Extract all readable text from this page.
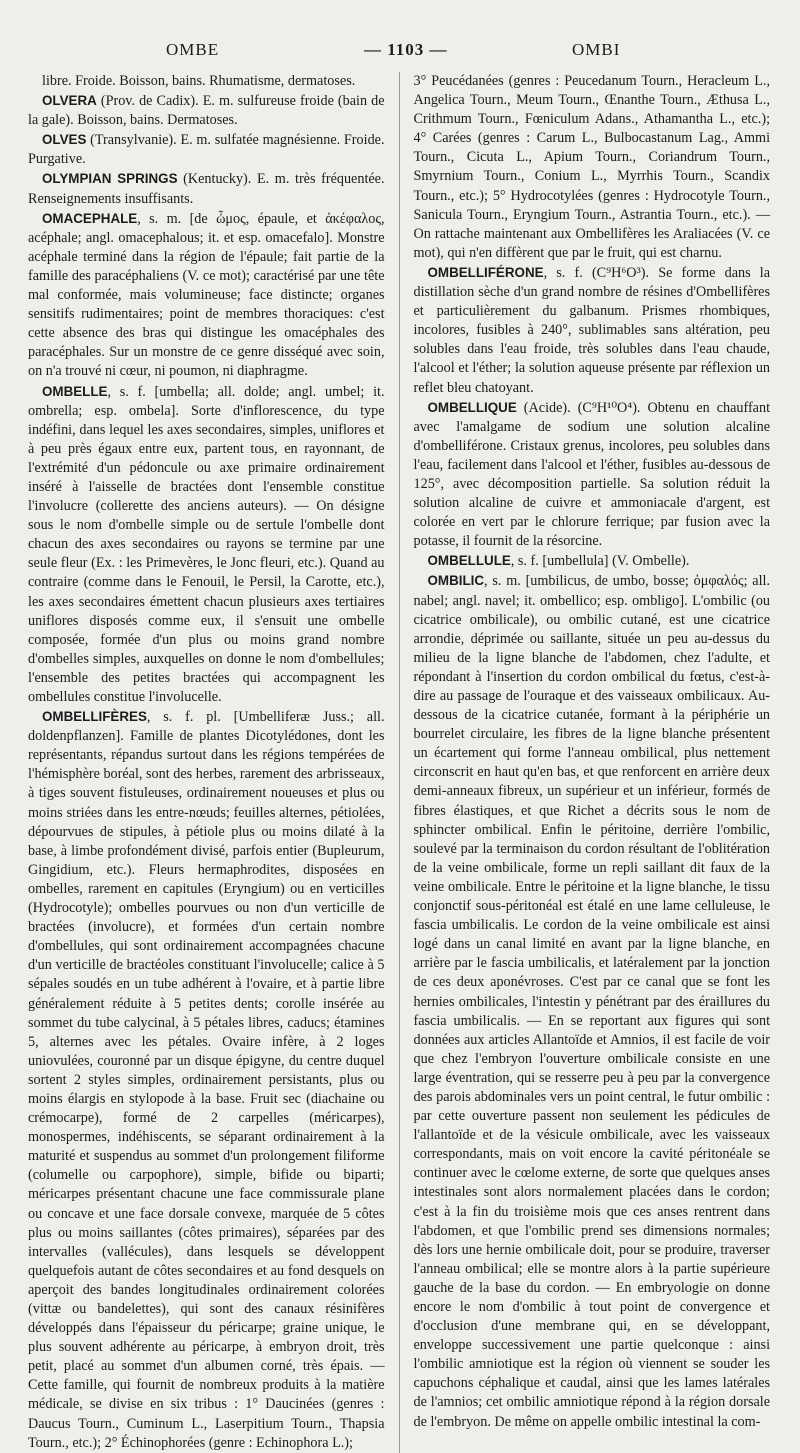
OMBE	— 1103 —	OMBI

libre. Froide. Boisson, bains. Rhumatisme, dermatoses.

OLVERA (Prov. de Cadix). E. m. sulfureuse froide (bain de la gale). Boisson, bains. Dermatoses.

OLVES (Transylvanie). E. m. sulfatée magnésienne. Froide. Purgative.

OLYMPIAN SPRINGS (Kentucky). E. m. très fréquentée. Renseignements insuffisants.

OMACEPHALE, s. m. [de ὦμος, épaule, et ἀκέφαλος, acéphale; angl. omacephalous; it. et esp. omacefalo]. Monstre acéphale terminé dans la région de l'épaule; fait partie de la famille des paracéphaliens (V. ce mot); caractérisé par une tête mal conformée, mais volumineuse; face distincte; organes sensitifs rudimentaires; point de membres thoraciques: c'est cette absence des bras qui distingue les omacéphales des paracéphales. Sur un monstre de ce genre disséqué avec soin, on n'a trouvé ni cœur, ni poumon, ni diaphragme.

OMBELLE, s. f. [umbella; all. dolde; angl. umbel; it. ombrella; esp. ombela]. Sorte d'inflorescence, du type indéfini, dans lequel les axes secondaires, simples, uniflores et à peu près égaux entre eux, partent tous, en rayonnant, de l'extrémité d'un pédoncule ou axe primaire ordinairement inséré à l'aisselle de bractées dont l'ensemble constitue l'involucre (collerette des anciens auteurs). — On désigne sous le nom d'ombelle simple ou de sertule l'ombelle dont chacun des axes secondaires ou rayons se termine par une seule fleur (Ex. : les Primevères, le Jonc fleuri, etc.). Quand au contraire (comme dans le Fenouil, le Persil, la Carotte, etc.), les axes secondaires émettent chacun plusieurs axes tertiaires uniflores disposés comme eux, il s'ensuit une ombelle composée, formée d'un plus ou moins grand nombre d'ombelles simples, auxquelles on donne le nom d'ombellules; l'ensemble des petites bractées qui accompagnent les ombellules constitue l'involucelle.

OMBELLIFÈRES, s. f. pl. [Umbelliferæ Juss.; all. doldenpflanzen]. Famille de plantes Dicotylédones, dont les représentants, répandus surtout dans les régions tempérées de l'hémisphère boréal, sont des herbes, rarement des arbrisseaux, à tiges souvent fistuleuses, ordinairement noueuses et plus ou moins striées dans les entre-nœuds; feuilles alternes, pétiolées, dépourvues de stipules, à pétiole plus ou moins dilaté à la base, à limbe profondément divisé, parfois entier (Bupleurum, Gingidium, etc.). Fleurs hermaphrodites, disposées en ombelles, rarement en capitules (Eryngium) ou en verticilles (Hydrocotyle); ombelles pourvues ou non d'un verticille de bractées (involucre), et formées d'un certain nombre d'ombellules, qui sont ordinairement accompagnées chacune d'un verticille de bractéoles constituant l'involucelle; calice à 5 sépales soudés en un tube adhérent à l'ovaire, et à partie libre généralement réduite à 5 petites dents; corolle insérée au sommet du tube calycinal, à 5 pétales libres, caducs; étamines 5, alternes avec les pétales. Ovaire infère, à 2 loges uniovulées, couronné par un disque épigyne, du centre duquel sortent 2 styles simples, ordinairement persistants, plus ou moins élargis en stylopode à la base. Fruit sec (diachaine ou crémocarpe), formé de 2 carpelles (méricarpes), monospermes, indéhiscents, se séparant ordinairement à la maturité et suspendus au sommet d'un prolongement filiforme (columelle ou carpophore), simple, bifide ou biparti; méricarpes présentant chacune une face commissurale plane ou concave et une face dorsale convexe, marquée de 5 côtes plus ou moins saillantes (côtes primaires), séparées par des intervalles (vallécules), dans lesquels se développent quelquefois autant de côtes secondaires et au fond desquels on aperçoit des bandes longitudinales ordinairement colorées (vittæ ou bandelettes), qui sont des canaux résinifères développés dans l'épaisseur du péricarpe; graine unique, le plus souvent adhérente au péricarpe, à embryon droit, très petit, placé au sommet d'un albumen corné, très épais. — Cette famille, qui fournit de nombreux produits à la matière médicale, se divise en six tribus : 1° Daucinées (genres : Daucus Tourn., Cuminum L., Laserpitium Tourn., Thapsia Tourn., etc.); 2° Échinophorées (genre : Echinophora L.);

3° Peucédanées (genres : Peucedanum Tourn., Heracleum L., Angelica Tourn., Meum Tourn., Œnanthe Tourn., Æthusa L., Crithmum Tourn., Fœniculum Adans., Athamantha L., etc.); 4° Carées (genres : Carum L., Bulbocastanum Lag., Ammi Tourn., Cicuta L., Apium Tourn., Coriandrum Tourn., Smyrnium Tourn., Conium L., Myrrhis Tourn., Scandix Tourn., etc.); 5° Hydrocotylées (genres : Hydrocotyle Tourn., Sanicula Tourn., Eryngium Tourn., Astrantia Tourn., etc.). — On rattache maintenant aux Ombellifères les Araliacées (V. ce mot), qui n'en diffèrent que par le fruit, qui est charnu.

OMBELLIFÉRONE, s. f. (C⁹H⁶O³). Se forme dans la distillation sèche d'un grand nombre de résines d'Ombellifères et particulièrement du galbanum. Prismes rhombiques, incolores, fusibles à 240°, sublimables sans altération, peu solubles dans l'eau froide, très solubles dans l'eau chaude, l'alcool et l'éther; la solution aqueuse présente par réflexion un reflet bleu chatoyant.

OMBELLIQUE (Acide). (C⁹H¹⁰O⁴). Obtenu en chauffant avec l'amalgame de sodium une solution alcaline d'ombelliférone. Cristaux grenus, incolores, peu solubles dans l'eau, facilement dans l'alcool et l'éther, fusibles au-dessous de 125°, avec décomposition partielle. Sa solution réduit la solution alcaline de cuivre et ammoniacale d'argent, est colorée en vert par le chlorure ferrique; par fusion avec la potasse, il fournit de la résorcine.

OMBELLULE, s. f. [umbellula] (V. Ombelle).

OMBILIC, s. m. [umbilicus, de umbo, bosse; ὀμφαλός; all. nabel; angl. navel; it. ombellico; esp. ombligo]. L'ombilic (ou cicatrice ombilicale), ou ombilic cutané, est une cicatrice arrondie, déprimée ou saillante, située un peu au-dessus du milieu de la ligne blanche de l'abdomen, chez l'adulte, et répondant à l'insertion du cordon ombilical du fœtus, c'est-à-dire au passage de l'ouraque et des vaisseaux ombilicaux. Au-dessous de la cicatrice cutanée, formant à la périphérie un bourrelet circulaire, les fibres de la ligne blanche présentent un écartement qui forme l'anneau ombilical, plus nettement circonscrit en haut qu'en bas, et que renforcent en arrière deux demi-anneaux fibreux, un supérieur et un inférieur, formés de fibres élastiques, et que Richet a décrits sous le nom de sphincter ombilical. Enfin le péritoine, derrière l'ombilic, soulevé par la terminaison du cordon résultant de l'oblitération de la veine ombilicale, forme un repli saillant dit faux de la veine ombilicale. Entre le péritoine et la ligne blanche, le tissu conjonctif sous-péritonéal est étalé en une lame celluleuse, le fascia umbilicalis. Le cordon de la veine ombilicale est ainsi logé dans un canal limité en avant par la ligne blanche, en arrière par le fascia umbilicalis, et latéralement par la jonction de ces deux aponévroses. C'est par ce canal que se font les hernies ombilicales, l'intestin y pénétrant par des éraillures du fascia umbilicalis. — En se reportant aux figures qui sont données aux articles Allantoïde et Amnios, il est facile de voir que chez l'embryon l'ouverture ombilicale consiste en une large éventration, qui se resserre peu à peu par la convergence des parois abdominales vers un point central, le futur ombilic : par cette ouverture passent non seulement les pédicules de l'allantoïde et de la vésicule ombilicale, avec les vaisseaux correspondants, mais on voit encore la cavité péritonéale se continuer avec le cœlome externe, de sorte que quelques anses intestinales sont alors normalement placées dans le cordon; c'est à la fin du troisième mois que ces anses rentrent dans l'abdomen, et que l'ombilic prend ses dimensions normales; dès lors une hernie ombilicale doit, pour se produire, traverser l'anneau ombilical; elle se montre alors à la partie supérieure gauche de la base du cordon. — En embryologie on donne encore le nom d'ombilic à tout point de convergence et d'occlusion d'une membrane qui, en se développant, enveloppe successivement une partie quelconque : ainsi l'ombilic amniotique est la région où viennent se souder les capuchons céphalique et caudal, ainsi que les lames latérales de l'amnios; cet ombilic amniotique répond à la région dorsale de l'embryon. De même on appelle ombilic intestinal la com-
